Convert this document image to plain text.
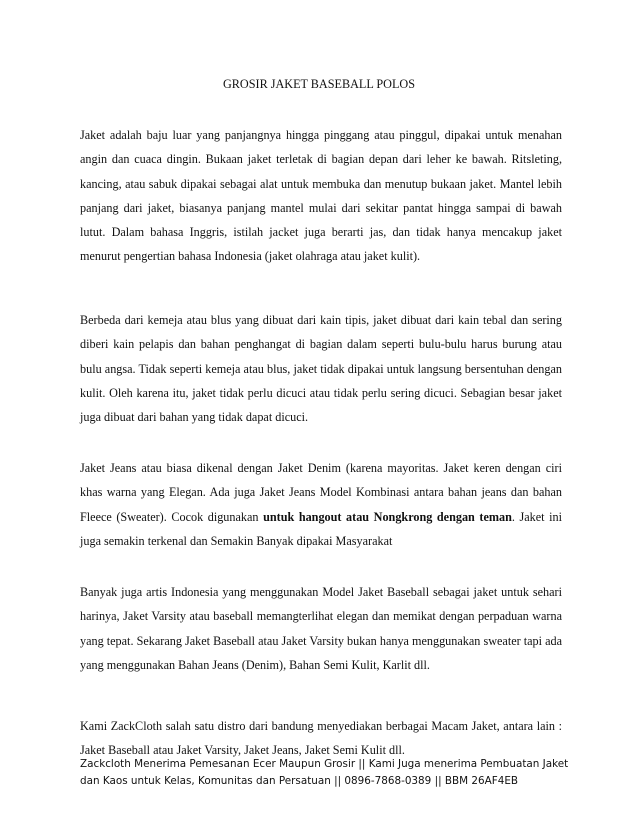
GROSIR JAKET BASEBALL POLOS

Jaket adalah baju luar yang panjangnya hingga pinggang atau pinggul, dipakai untuk menahan angin dan cuaca dingin. Bukaan jaket terletak di bagian depan dari leher ke bawah. Ritsleting, kancing, atau sabuk dipakai sebagai alat untuk membuka dan menutup bukaan jaket. Mantel lebih panjang dari jaket, biasanya panjang mantel mulai dari sekitar pantat hingga sampai di bawah lutut. Dalam bahasa Inggris, istilah jacket juga berarti jas, dan tidak hanya mencakup jaket menurut pengertian bahasa Indonesia (jaket olahraga atau jaket kulit).

Berbeda dari kemeja atau blus yang dibuat dari kain tipis, jaket dibuat dari kain tebal dan sering diberi kain pelapis dan bahan penghangat di bagian dalam seperti bulu-bulu harus burung atau bulu angsa. Tidak seperti kemeja atau blus, jaket tidak dipakai untuk langsung bersentuhan dengan kulit. Oleh karena itu, jaket tidak perlu dicuci atau tidak perlu sering dicuci. Sebagian besar jaket juga dibuat dari bahan yang tidak dapat dicuci.

Jaket Jeans atau biasa dikenal dengan Jaket Denim (karena mayoritas. Jaket keren dengan ciri khas warna yang Elegan. Ada juga Jaket Jeans Model Kombinasi antara bahan jeans dan bahan Fleece (Sweater). Cocok digunakan untuk hangout atau Nongkrong dengan teman. Jaket ini juga semakin terkenal dan Semakin Banyak dipakai Masyarakat

Banyak juga artis Indonesia yang menggunakan Model Jaket Baseball sebagai jaket untuk sehari harinya, Jaket Varsity atau baseball memangterlihat elegan dan memikat dengan perpaduan warna yang tepat. Sekarang Jaket Baseball atau Jaket Varsity bukan hanya menggunakan sweater tapi ada yang menggunakan Bahan Jeans (Denim), Bahan Semi Kulit, Karlit dll.

Kami ZackCloth salah satu distro dari bandung menyediakan berbagai Macam Jaket, antara lain : Jaket Baseball atau Jaket Varsity, Jaket Jeans, Jaket Semi Kulit dll.

Zackcloth Menerima Pemesanan Ecer Maupun Grosir || Kami Juga menerima Pembuatan Jaket dan Kaos untuk Kelas, Komunitas dan Persatuan || 0896-7868-0389 || BBM 26AF4EB
